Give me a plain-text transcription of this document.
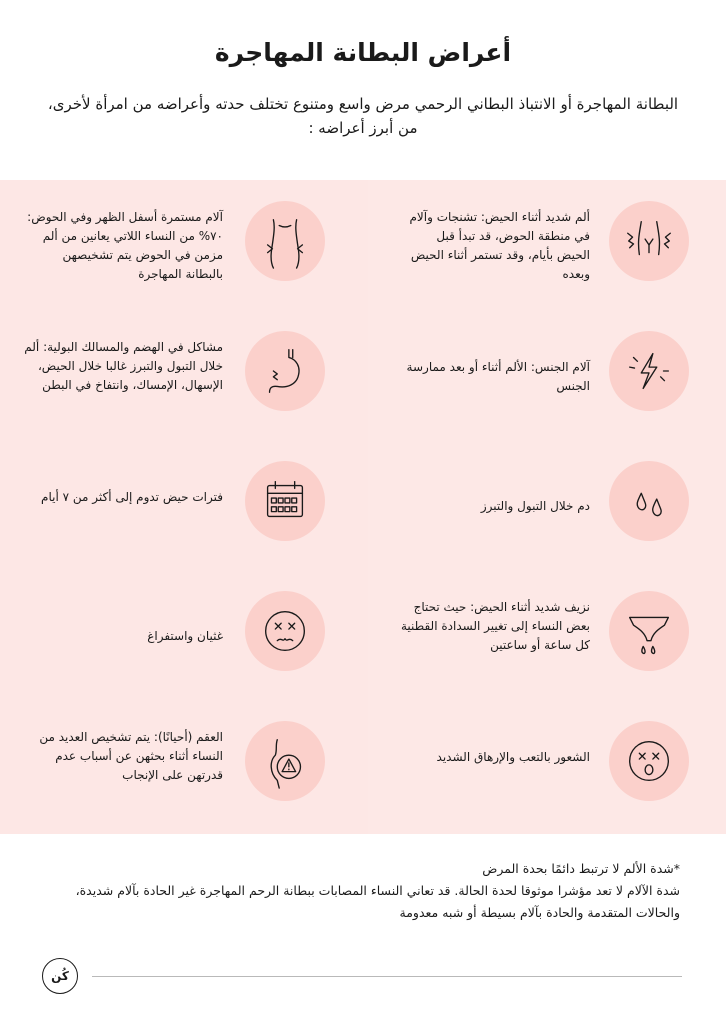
أعراض البطانة المهاجرة
البطانة المهاجرة أو الانتباذ البطاني الرحمي مرض واسع ومتنوع تختلف حدته وأعراضه من امرأة لأخرى، من أبرز أعراضه :
ألم شديد أثناء الحيض: تشنجات وآلام في منطقة الحوض، قد تبدأ قبل الحيض بأيام، وقد تستمر أثناء الحيض وبعده
آلام الجنس: الألم أثناء أو بعد ممارسة الجنس
دم خلال التبول والتبرز
نزيف شديد أثناء الحيض: حيث تحتاج بعض النساء إلى تغيير السدادة القطنية كل ساعة أو ساعتين
الشعور بالتعب والإرهاق الشديد
آلام مستمرة أسفل الظهر وفي الحوض: ٧٠% من النساء اللاتي يعانين من ألم مزمن في الحوض يتم تشخيصهن بالبطانة المهاجرة
مشاكل في الهضم والمسالك البولية: ألم خلال التبول والتبرز غالبا خلال الحيض، الإسهال، الإمساك، وانتفاخ في البطن
فترات حيض تدوم إلى أكثر من ٧ أيام
غثيان واستفراغ
العقم (أحيانًا): يتم تشخيص العديد من النساء أثناء بحثهن عن أسباب عدم قدرتهن على الإنجاب
*شدة الألم لا ترتبط دائمًا بحدة المرض
شدة الآلام لا تعد مؤشرا موثوقا لحدة الحالة. قد تعاني النساء المصابات ببطانة الرحم المهاجرة غير الحادة بآلام شديدة، والحالات المتقدمة والحادة بآلام بسيطة أو شبه معدومة
كُن
